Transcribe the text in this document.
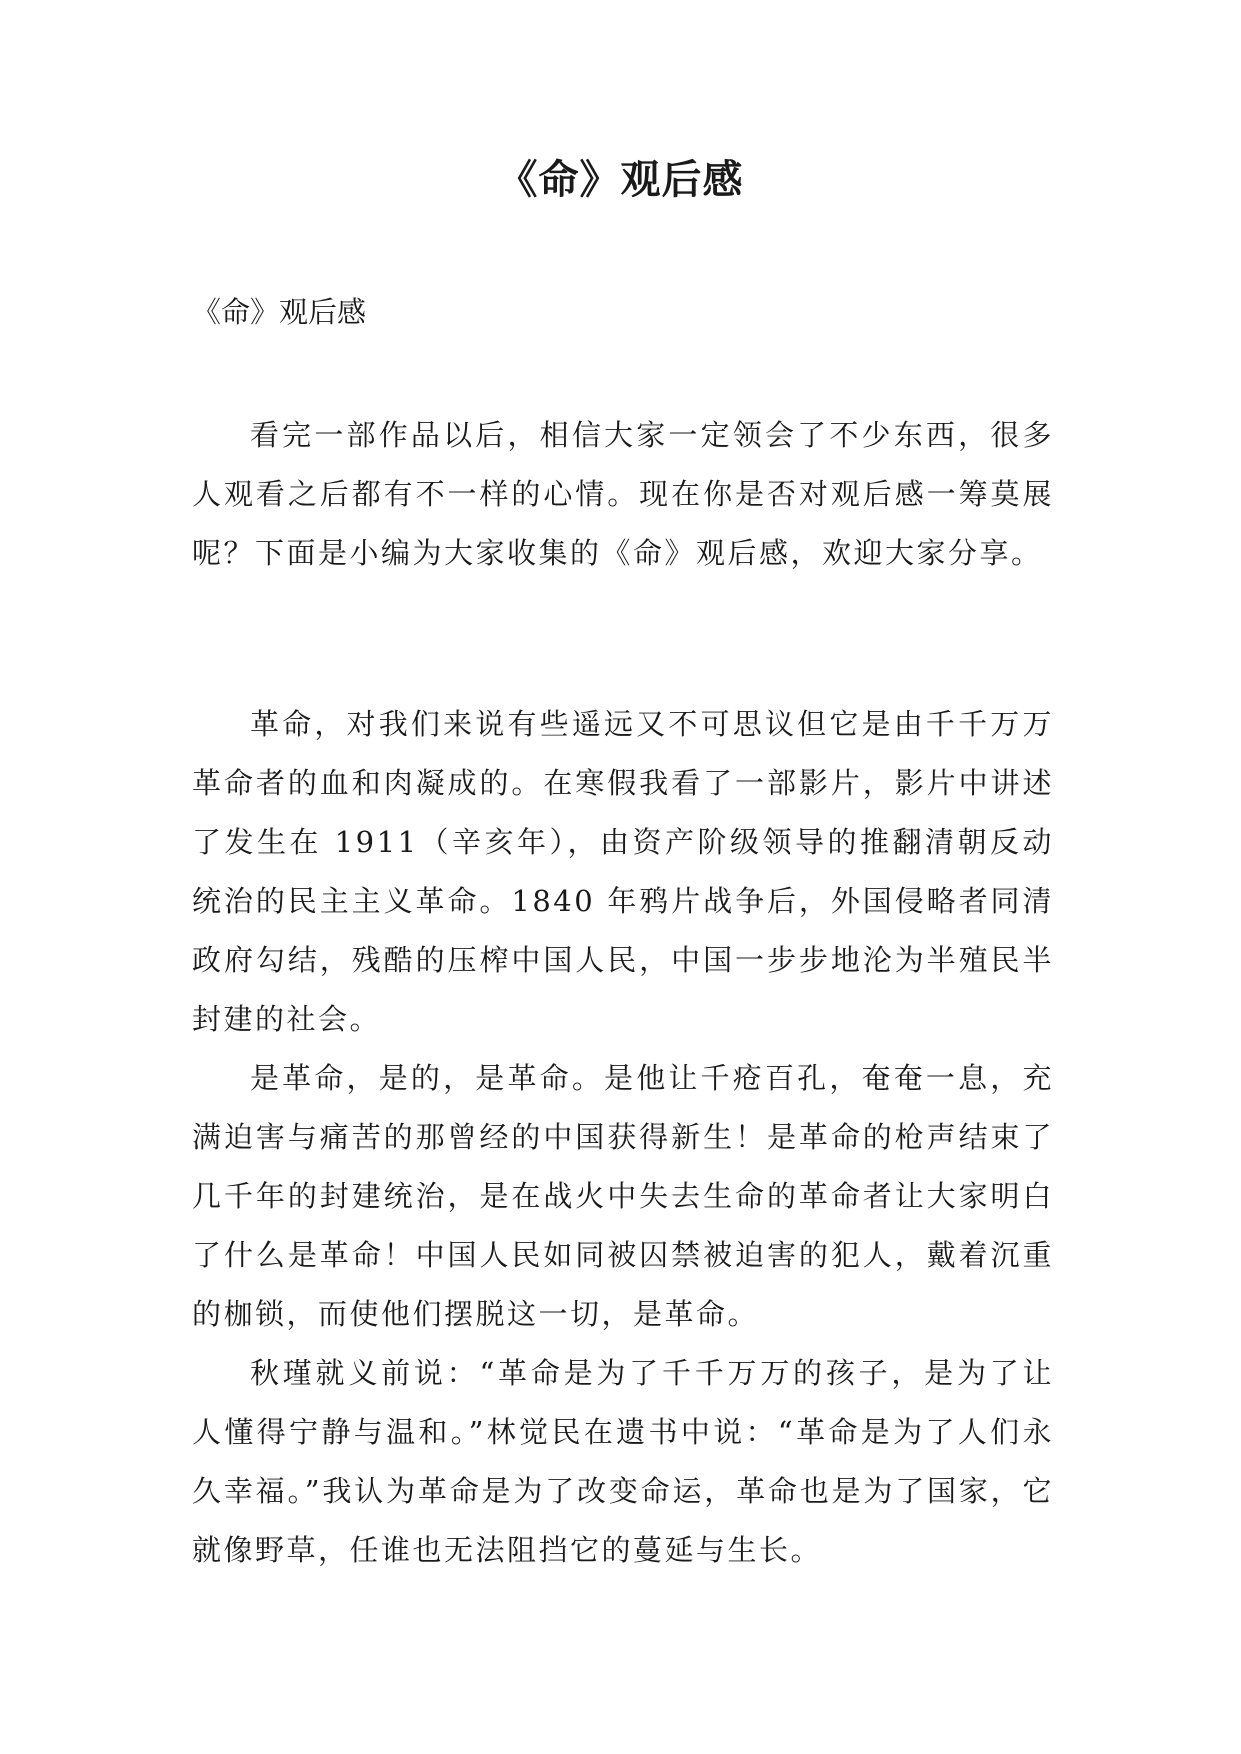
《命》观后感
《命》观后感

看完一部作品以后，相信大家一定领会了不少东西，很多人观看之后都有不一样的心情。现在你是否对观后感一筹莫展呢？下面是小编为大家收集的《命》观后感，欢迎大家分享。

革命，对我们来说有些遥远又不可思议但它是由千千万万革命者的血和肉凝成的。在寒假我看了一部影片，影片中讲述了发生在 1911（辛亥年），由资产阶级领导的推翻清朝反动统治的民主主义革命。1840 年鸦片战争后，外国侵略者同清政府勾结，残酷的压榨中国人民，中国一步步地沦为半殖民半封建的社会。

是革命，是的，是革命。是他让千疮百孔，奄奄一息，充满迫害与痛苦的那曾经的中国获得新生！是革命的枪声结束了几千年的封建统治，是在战火中失去生命的革命者让大家明白了什么是革命！中国人民如同被囚禁被迫害的犯人，戴着沉重的枷锁，而使他们摆脱这一切，是革命。

秋瑾就义前说：“革命是为了千千万万的孩子，是为了让人懂得宁静与温和。”林觉民在遗书中说：“革命是为了人们永久幸福。”我认为革命是为了改变命运，革命也是为了国家，它就像野草，任谁也无法阻挡它的蔓延与生长。
